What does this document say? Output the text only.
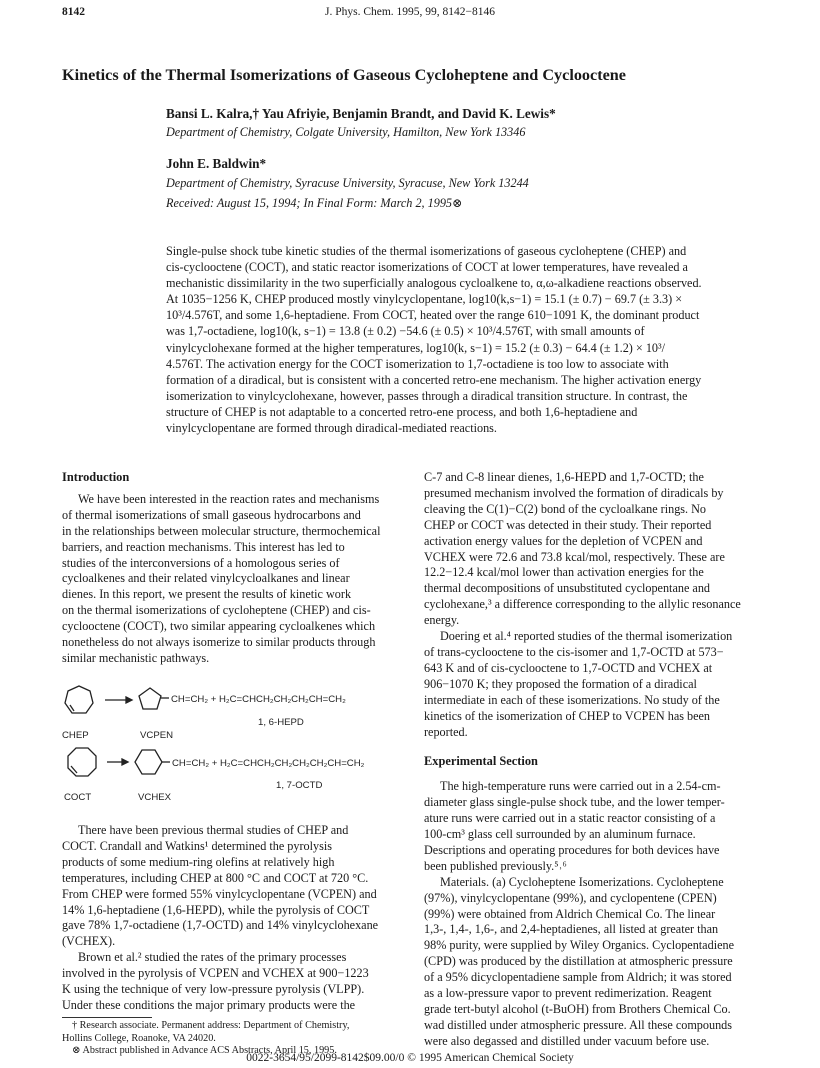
8142	J. Phys. Chem. 1995, 99, 8142−8146
Kinetics of the Thermal Isomerizations of Gaseous Cycloheptene and Cyclooctene
Bansi L. Kalra,† Yau Afriyie, Benjamin Brandt, and David K. Lewis*
Department of Chemistry, Colgate University, Hamilton, New York 13346
John E. Baldwin*
Department of Chemistry, Syracuse University, Syracuse, New York 13244
Received: August 15, 1994; In Final Form: March 2, 1995⊗
Single-pulse shock tube kinetic studies of the thermal isomerizations of gaseous cycloheptene (CHEP) and
cis-cyclooctene (COCT), and static reactor isomerizations of COCT at lower temperatures, have revealed a
mechanistic dissimilarity in the two superficially analogous cycloalkene to, α,ω-alkadiene reactions observed.
At 1035−1256 K, CHEP produced mostly vinylcyclopentane, log10(k,s−1) = 15.1 (± 0.7) − 69.7 (± 3.3) ×
10³/4.576T, and some 1,6-heptadiene. From COCT, heated over the range 610−1091 K, the dominant product
was 1,7-octadiene, log10(k, s−1) = 13.8 (± 0.2) −54.6 (± 0.5) × 10³/4.576T, with small amounts of
vinylcyclohexane formed at the higher temperatures, log10(k, s−1) = 15.2 (± 0.3) − 64.4 (± 1.2) × 10³/
4.576T. The activation energy for the COCT isomerization to 1,7-octadiene is too low to associate with
formation of a diradical, but is consistent with a concerted retro-ene mechanism. The higher activation energy
isomerization to vinylcyclohexane, however, passes through a diradical transition structure. In contrast, the
structure of CHEP is not adaptable to a concerted retro-ene process, and both 1,6-heptadiene and
vinylcyclopentane are formed through diradical-mediated reactions.
Introduction
We have been interested in the reaction rates and mechanisms
of thermal isomerizations of small gaseous hydrocarbons and
in the relationships between molecular structure, thermochemical
barriers, and reaction mechanisms. This interest has led to
studies of the interconversions of a homologous series of
cycloalkenes and their related vinylcycloalkanes and linear
dienes. In this report, we present the results of kinetic work
on the thermal isomerizations of cycloheptene (CHEP) and cis-
cyclooctene (COCT), two similar appearing cycloalkenes which
nonetheless do not always isomerize to similar products through
similar mechanistic pathways.
CH=CH₂ + H₂C=CHCH₂CH₂CH₂CH=CH₂
1, 6-HEPD
CHEP	VCPEN
CH=CH₂ + H₂C=CHCH₂CH₂CH₂CH₂CH=CH₂
1, 7-OCTD
COCT	VCHEX
There have been previous thermal studies of CHEP and
COCT. Crandall and Watkins¹ determined the pyrolysis
products of some medium-ring olefins at relatively high
temperatures, including CHEP at 800 °C and COCT at 720 °C.
From CHEP were formed 55% vinylcyclopentane (VCPEN) and
14% 1,6-heptadiene (1,6-HEPD), while the pyrolysis of COCT
gave 78% 1,7-octadiene (1,7-OCTD) and 14% vinylcyclohexane
(VCHEX).
Brown et al.² studied the rates of the primary processes
involved in the pyrolysis of VCPEN and VCHEX at 900−1223
K using the technique of very low-pressure pyrolysis (VLPP).
Under these conditions the major primary products were the
† Research associate. Permanent address: Department of Chemistry,
Hollins College, Roanoke, VA 24020.
⊗ Abstract published in Advance ACS Abstracts, April 15, 1995.
C-7 and C-8 linear dienes, 1,6-HEPD and 1,7-OCTD; the
presumed mechanism involved the formation of diradicals by
cleaving the C(1)−C(2) bond of the cycloalkane rings. No
CHEP or COCT was detected in their study. Their reported
activation energy values for the depletion of VCPEN and
VCHEX were 72.6 and 73.8 kcal/mol, respectively. These are
12.2−12.4 kcal/mol lower than activation energies for the
thermal decompositions of unsubstituted cyclopentane and
cyclohexane,³ a difference corresponding to the allylic resonance
energy.
Doering et al.⁴ reported studies of the thermal isomerization
of trans-cyclooctene to the cis-isomer and 1,7-OCTD at 573−
643 K and of cis-cyclooctene to 1,7-OCTD and VCHEX at
906−1070 K; they proposed the formation of a diradical
intermediate in each of these isomerizations. No study of the
kinetics of the isomerization of CHEP to VCPEN has been
reported.
Experimental Section
The high-temperature runs were carried out in a 2.54-cm-
diameter glass single-pulse shock tube, and the lower temper-
ature runs were carried out in a static reactor consisting of a
100-cm³ glass cell surrounded by an aluminum furnace.
Descriptions and operating procedures for both devices have
been published previously.⁵˒⁶
Materials. (a) Cycloheptene Isomerizations. Cycloheptene
(97%), vinylcyclopentane (99%), and cyclopentene (CPEN)
(99%) were obtained from Aldrich Chemical Co. The linear
1,3-, 1,4-, 1,6-, and 2,4-heptadienes, all listed at greater than
98% purity, were supplied by Wiley Organics. Cyclopentadiene
(CPD) was produced by the distillation at atmospheric pressure
of a 95% dicyclopentadiene sample from Aldrich; it was stored
as a low-pressure vapor to prevent redimerization. Reagent
grade tert-butyl alcohol (t-BuOH) from Brothers Chemical Co.
wad distilled under atmospheric pressure. All these compounds
were also degassed and distilled under vacuum before use.
0022-3654/95/2099-8142$09.00/0 © 1995 American Chemical Society
